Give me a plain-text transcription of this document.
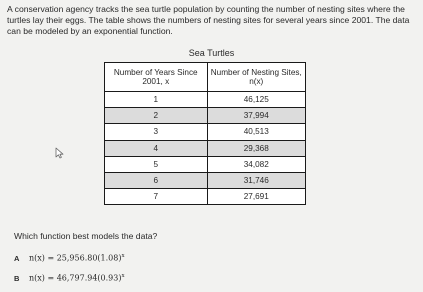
A conservation agency tracks the sea turtle population by counting the number of nesting sites where the turtles lay their eggs. The table shows the numbers of nesting sites for several years since 2001. The data can be modeled by an exponential function.

Sea Turtles

Number of Years Since 2001, x	Number of Nesting Sites, n(x)
1	46,125
2	37,994
3	40,513
4	29,368
5	34,082
6	31,746
7	27,691

Which function best models the data?

A	$n(x) = 25,956.80(1.08)^x$
B	$n(x) = 46,797.94(0.93)^x$
